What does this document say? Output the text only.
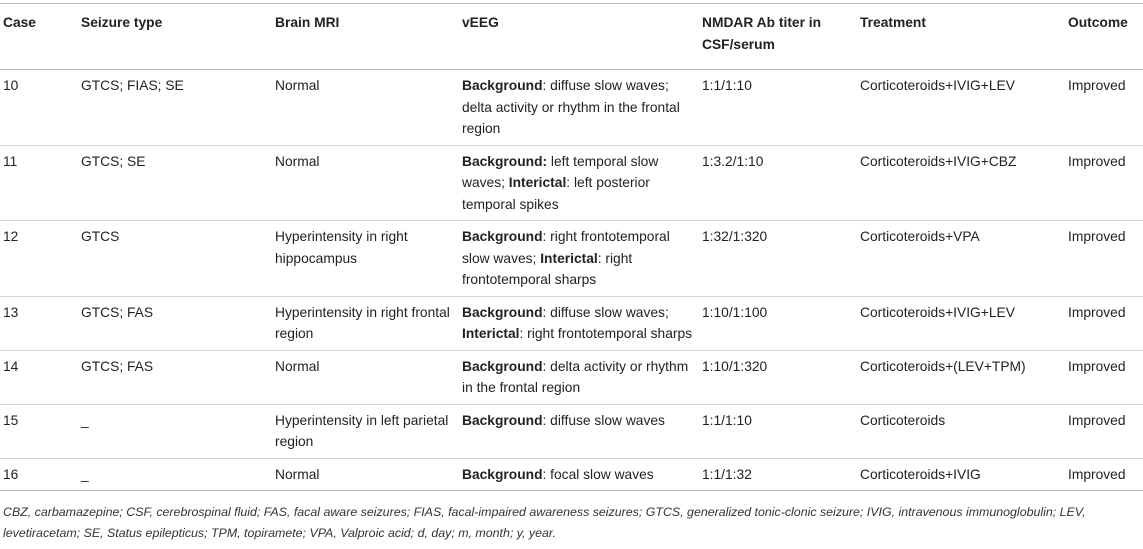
Case	Seizure type	Brain MRI	vEEG	NMDAR Ab titer in CSF/serum	Treatment	Outcome
10	GTCS; FIAS; SE	Normal	Background: diffuse slow waves; delta activity or rhythm in the frontal region	1:1/1:10	Corticoteroids+IVIG+LEV	Improved
11	GTCS; SE	Normal	Background: left temporal slow waves; Interictal: left posterior temporal spikes	1:3.2/1:10	Corticoteroids+IVIG+CBZ	Improved
12	GTCS	Hyperintensity in right hippocampus	Background: right frontotemporal slow waves; Interictal: right frontotemporal sharps	1:32/1:320	Corticoteroids+VPA	Improved
13	GTCS; FAS	Hyperintensity in right frontal region	Background: diffuse slow waves; Interictal: right frontotemporal sharps	1:10/1:100	Corticoteroids+IVIG+LEV	Improved
14	GTCS; FAS	Normal	Background: delta activity or rhythm in the frontal region	1:10/1:320	Corticoteroids+(LEV+TPM)	Improved
15	_	Hyperintensity in left parietal region	Background: diffuse slow waves	1:1/1:10	Corticoteroids	Improved
16	_	Normal	Background: focal slow waves	1:1/1:32	Corticoteroids+IVIG	Improved
CBZ, carbamazepine; CSF, cerebrospinal fluid; FAS, facal aware seizures; FIAS, facal-impaired awareness seizures; GTCS, generalized tonic-clonic seizure; IVIG, intravenous immunoglobulin; LEV, levetiracetam; SE, Status epilepticus; TPM, topiramete; VPA, Valproic acid; d, day; m, month; y, year.
